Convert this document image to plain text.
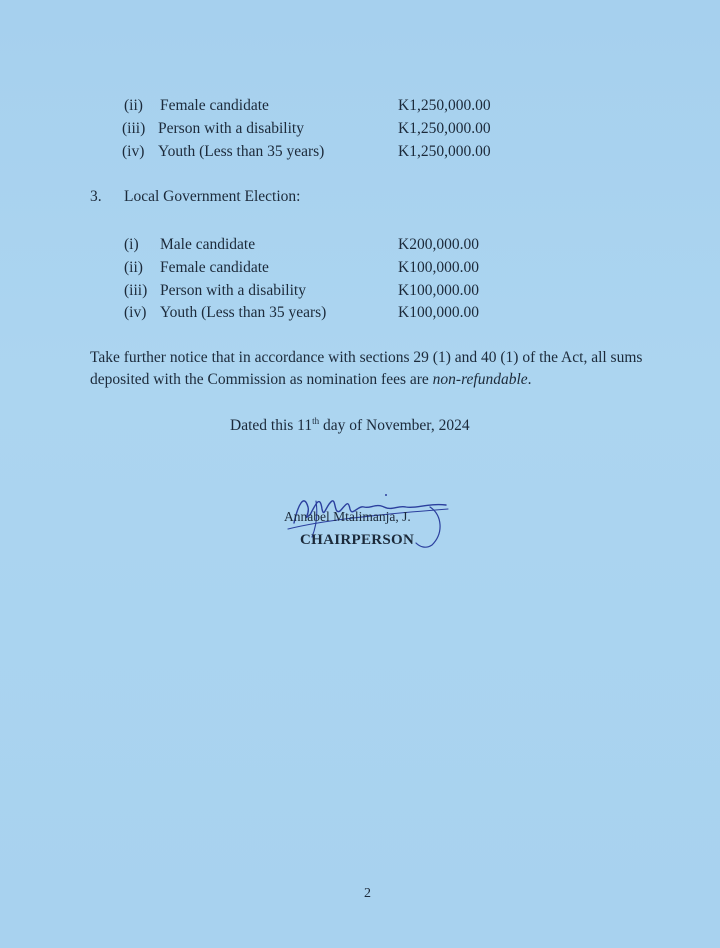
(ii) Female candidate	K1,250,000.00
(iii) Person with a disability	K1,250,000.00
(iv) Youth (Less than 35 years)	K1,250,000.00
3. Local Government Election:
(i) Male candidate	K200,000.00
(ii) Female candidate	K100,000.00
(iii) Person with a disability	K100,000.00
(iv) Youth (Less than 35 years)	K100,000.00

Take further notice that in accordance with sections 29 (1) and 40 (1) of the Act, all sums deposited with the Commission as nomination fees are non-refundable.

Dated this 11th day of November, 2024
Annabel Mtalimanja, J.
CHAIRPERSON
2
